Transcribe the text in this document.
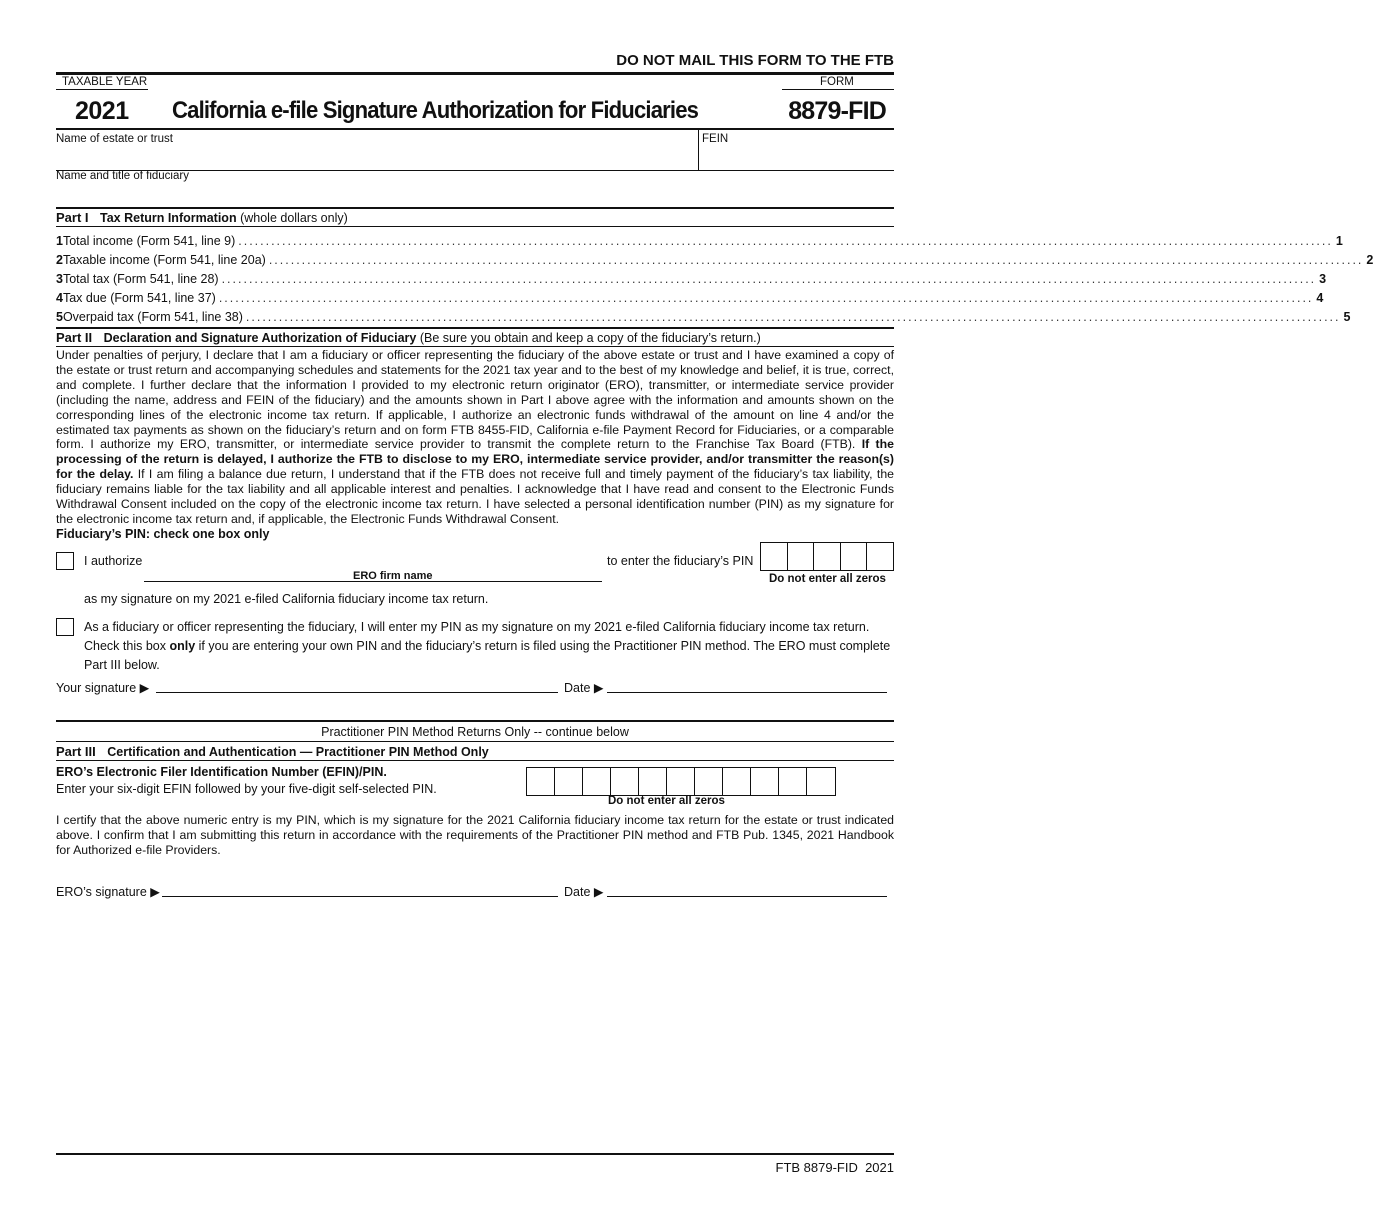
DO NOT MAIL THIS FORM TO THE FTB
TAXABLE YEAR	FORM
2021 California e-file Signature Authorization for Fiduciaries	8879-FID
Name of estate or trust	FEIN
Name and title of fiduciary
Part I Tax Return Information (whole dollars only)
1 Total income (Form 541, line 9) ........................................................................................................................................................................................................ 1
2 Taxable income (Form 541, line 20a) ........................................................................................................................................................................................................ 2
3 Total tax (Form 541, line 28) ........................................................................................................................................................................................................ 3
4 Tax due (Form 541, line 37) ........................................................................................................................................................................................................ 4
5 Overpaid tax (Form 541, line 38) ........................................................................................................................................................................................................ 5
Part II Declaration and Signature Authorization of Fiduciary (Be sure you obtain and keep a copy of the fiduciary’s return.)

Under penalties of perjury, I declare that I am a fiduciary or officer representing the fiduciary of the above estate or trust and I have examined a copy of the estate or trust return and accompanying schedules and statements for the 2021 tax year and to the best of my knowledge and belief, it is true, correct, and complete. I further declare that the information I provided to my electronic return originator (ERO), transmitter, or intermediate service provider (including the name, address and FEIN of the fiduciary) and the amounts shown in Part I above agree with the information and amounts shown on the corresponding lines of the electronic income tax return. If applicable, I authorize an electronic funds withdrawal of the amount on line 4 and/or the estimated tax payments as shown on the fiduciary’s return and on form FTB 8455-FID, California e-file Payment Record for Fiduciaries, or a comparable form. I authorize my ERO, transmitter, or intermediate service provider to transmit the complete return to the Franchise Tax Board (FTB). If the processing of the return is delayed, I authorize the FTB to disclose to my ERO, intermediate service provider, and/or transmitter the reason(s) for the delay. If I am filing a balance due return, I understand that if the FTB does not receive full and timely payment of the fiduciary’s tax liability, the fiduciary remains liable for the tax liability and all applicable interest and penalties. I acknowledge that I have read and consent to the Electronic Funds Withdrawal Consent included on the copy of the electronic income tax return. I have selected a personal identification number (PIN) as my signature for the electronic income tax return and, if applicable, the Electronic Funds Withdrawal Consent.

Fiduciary’s PIN: check one box only
I authorize
ERO firm name
to enter the fiduciary’s PIN
Do not enter all zeros
as my signature on my 2021 e-filed California fiduciary income tax return.
As a fiduciary or officer representing the fiduciary, I will enter my PIN as my signature on my 2021 e-filed California fiduciary income tax return. Check this box only if you are entering your own PIN and the fiduciary’s return is filed using the Practitioner PIN method. The ERO must complete Part III below.
Your signature ▶	Date ▶
Practitioner PIN Method Returns Only -- continue below
Part III Certification and Authentication — Practitioner PIN Method Only
ERO’s Electronic Filer Identification Number (EFIN)/PIN.
Enter your six-digit EFIN followed by your five-digit self-selected PIN.
Do not enter all zeros

I certify that the above numeric entry is my PIN, which is my signature for the 2021 California fiduciary income tax return for the estate or trust indicated above. I confirm that I am submitting this return in accordance with the requirements of the Practitioner PIN method and FTB Pub. 1345, 2021 Handbook for Authorized e-file Providers.

ERO’s signature ▶	Date ▶
FTB 8879-FID  2021
